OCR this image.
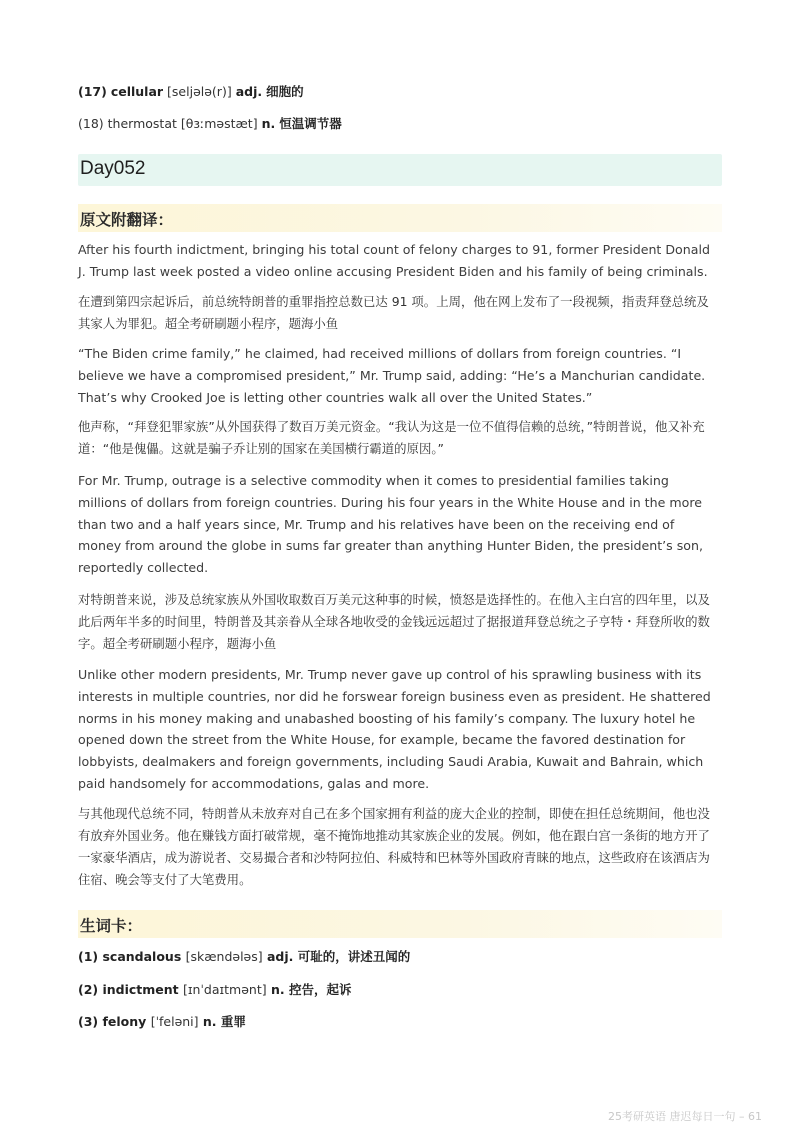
(17) cellular [seljələ(r)] adj. 细胞的
(18) thermostat [θɜːməstæt] n. 恒温调节器
Day052
原文附翻译：

After his fourth indictment, bringing his total count of felony charges to 91, former President Donald J. Trump last week posted a video online accusing President Biden and his family of being criminals.

在遭到第四宗起诉后，前总统特朗普的重罪指控总数已达 91 项。上周，他在网上发布了一段视频，指责拜登总统及其家人为罪犯。超全考研刷题小程序，题海小鱼

“The Biden crime family,” he claimed, had received millions of dollars from foreign countries. “I believe we have a compromised president,” Mr. Trump said, adding: “He’s a Manchurian candidate. That’s why Crooked Joe is letting other countries walk all over the United States.”

他声称，“拜登犯罪家族”从外国获得了数百万美元资金。“我认为这是一位不值得信赖的总统，”特朗普说，他又补充道：“他是傀儡。这就是骗子乔让别的国家在美国横行霸道的原因。”

For Mr. Trump, outrage is a selective commodity when it comes to presidential families taking millions of dollars from foreign countries. During his four years in the White House and in the more than two and a half years since, Mr. Trump and his relatives have been on the receiving end of money from around the globe in sums far greater than anything Hunter Biden, the president’s son, reportedly collected.

对特朗普来说，涉及总统家族从外国收取数百万美元这种事的时候，愤怒是选择性的。在他入主白宫的四年里，以及此后两年半多的时间里，特朗普及其亲眷从全球各地收受的金钱远远超过了据报道拜登总统之子亨特・拜登所收的数字。超全考研刷题小程序，题海小鱼

Unlike other modern presidents, Mr. Trump never gave up control of his sprawling business with its interests in multiple countries, nor did he forswear foreign business even as president. He shattered norms in his money making and unabashed boosting of his family’s company. The luxury hotel he opened down the street from the White House, for example, became the favored destination for lobbyists, dealmakers and foreign governments, including Saudi Arabia, Kuwait and Bahrain, which paid handsomely for accommodations, galas and more.

与其他现代总统不同，特朗普从未放弃对自己在多个国家拥有利益的庞大企业的控制，即使在担任总统期间，他也没有放弃外国业务。他在赚钱方面打破常规，毫不掩饰地推动其家族企业的发展。例如，他在跟白宫一条街的地方开了一家豪华酒店，成为游说者、交易撮合者和沙特阿拉伯、科威特和巴林等外国政府青睐的地点，这些政府在该酒店为住宿、晚会等支付了大笔费用。

生词卡：
(1) scandalous [skændələs] adj. 可耻的，讲述丑闻的
(2) indictment [ɪnˈdaɪtmənt] n. 控告，起诉
(3) felony [ˈfeləni] n. 重罪
25考研英语 唐迟每日一句 – 61
